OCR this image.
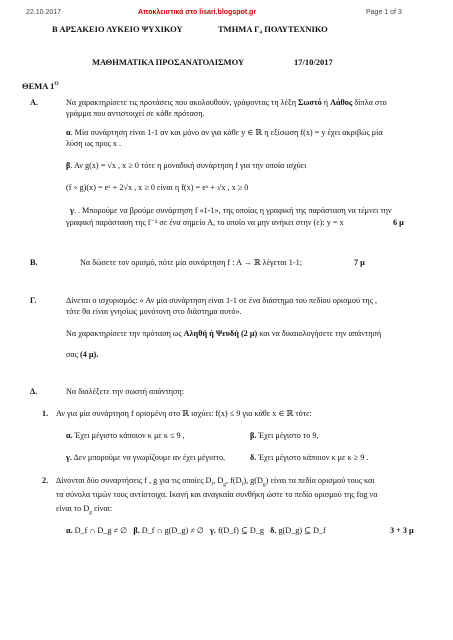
22.10.2017	Αποκλειστικά στο lisari.blogspot.gr	Page 1 of 3
Β ΑΡΣΑΚΕΙΟ ΛΥΚΕΙΟ ΨΥΧΙΚΟΥ	ΤΜΗΜΑ Γ₄ ΠΟΛΥΤΕΧΝΙΚΟ
ΜΑΘΗΜΑΤΙΚΑ ΠΡΟΣΑΝΑΤΟΛΙΣΜΟΥ	17/10/2017
ΘΕΜΑ $1^O$
Α.	Να χαρακτηρίσετε τις προτάσεις που ακολουθούν, γράφοντας τη λέξη Σωστό ή Λάθος δίπλα στο
γράμμα που αντιστοιχεί σε κάθε πρόταση.
α. Μία συνάρτηση είναι 1-1 αν και μόνο αν για κάθε y ∈ ℝ η εξίσωση f(x) = y έχει ακριβώς μία
λύση ως προς x .
β. Αν g(x) = √x , x ≥ 0 τότε η μοναδική συνάρτηση f για την οποία ισχύει
(f ∘ g)(x) = eˣ + 2√x , x ≥ 0 είναι η f(x) = eˣ + √x , x ≥ 0
γ. . Μπορούμε να βρούμε συνάρτηση f «1-1», της οποίας η γραφική της παράσταση να τέμνει την
γραφική παράσταση της f⁻¹ σε ένα σημείο Α, το οποίο να μην ανήκει στην (ε): y = x	6 μ
Β.	Να δώσετε τον ορισμό, πότε μία συνάρτηση f : A → ℝ λέγεται 1-1;	7 μ
Γ.	Δίνεται ο ισχυρισμός: « Αν μία συνάρτηση είναι 1-1 σε ένα διάστημα του πεδίου ορισμού της ,
τότε θα είναι γνησίως μονότονη στο διάστημα αυτό».
Να χαρακτηρίσετε την πρόταση ως Αληθή ή Ψευδή (2 μ) και να δικαιολογήσετε την απάντησή
σας (4 μ).
Δ.	Να διαλέξετε την σωστή απάντηση:
1. Αν για μία συνάρτηση f ορισμένη στο ℝ ισχύει: f(x) ≤ 9 για κάθε x ∈ ℝ τότε:
α. Έχει μέγιστο κάποιον κ με κ ≤ 9 ,	β. Έχει μέγιστο το 9,
γ. Δεν μπορούμε να γνωρίζουμε αν έχει μέγιστο,	δ. Έχει μέγιστο κάποιον κ με κ ≥ 9 .
2. Δίνονται δύο συναρτήσεις f , g για τις οποίες $D_f$, $D_g$, $f(D_f)$, $g(D_g)$ είναι τα πεδία ορισμού τους και
τα σύνολα τιμών τους αντίστοιχα. Ικανή και αναγκαία συνθήκη ώστε το πεδίο ορισμού της fog να
είναι το $D_g$ είναι:
α. D_f ∩ D_g ≠ ∅ β. D_f ∩ g(D_g) ≠ ∅ γ. f(D_f) ⊆ D_g δ. g(D_g) ⊆ D_f	3 + 3 μ
